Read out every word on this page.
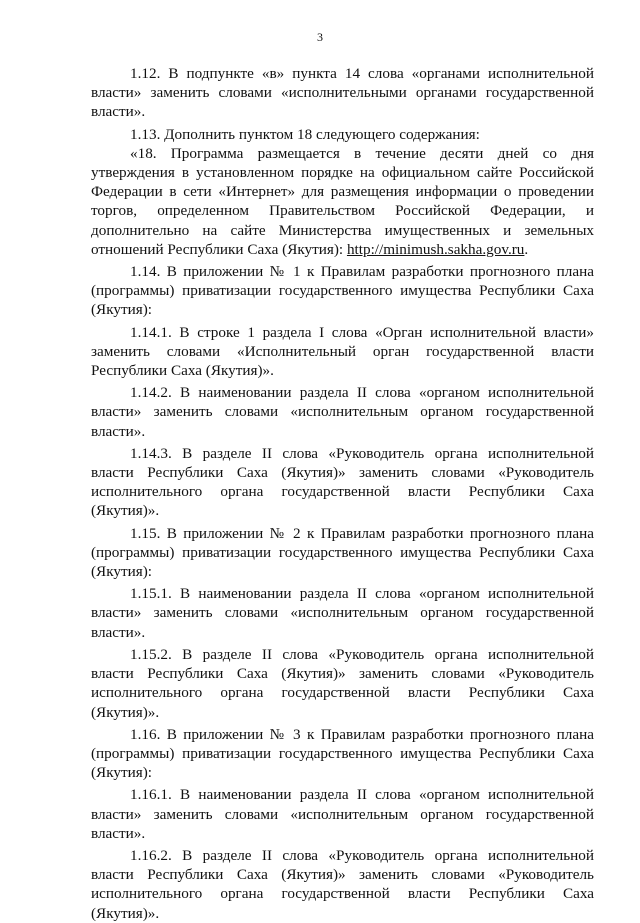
3

1.12. В подпункте «в» пункта 14 слова «органами исполнительной власти» заменить словами «исполнительными органами государственной власти».

1.13. Дополнить пунктом 18 следующего содержания:

«18. Программа размещается в течение десяти дней со дня утверждения в установленном порядке на официальном сайте Российской Федерации в сети «Интернет» для размещения информации о проведении торгов, определенном Правительством Российской Федерации, и дополнительно на сайте Министерства имущественных и земельных отношений Республики Саха (Якутия): http://minimush.sakha.gov.ru.

1.14. В приложении № 1 к Правилам разработки прогнозного плана (программы) приватизации государственного имущества Республики Саха (Якутия):

1.14.1. В строке 1 раздела I слова «Орган исполнительной власти» заменить словами «Исполнительный орган государственной власти Республики Саха (Якутия)».

1.14.2. В наименовании раздела II слова «органом исполнительной власти» заменить словами «исполнительным органом государственной власти».

1.14.3. В разделе II слова «Руководитель органа исполнительной власти Республики Саха (Якутия)» заменить словами «Руководитель исполнительного органа государственной власти Республики Саха (Якутия)».

1.15. В приложении № 2 к Правилам разработки прогнозного плана (программы) приватизации государственного имущества Республики Саха (Якутия):

1.15.1. В наименовании раздела II слова «органом исполнительной власти» заменить словами «исполнительным органом государственной власти».

1.15.2. В разделе II слова «Руководитель органа исполнительной власти Республики Саха (Якутия)» заменить словами «Руководитель исполнительного органа государственной власти Республики Саха (Якутия)».

1.16. В приложении № 3 к Правилам разработки прогнозного плана (программы) приватизации государственного имущества Республики Саха (Якутия):

1.16.1. В наименовании раздела II слова «органом исполнительной власти» заменить словами «исполнительным органом государственной власти».

1.16.2. В разделе II слова «Руководитель органа исполнительной власти Республики Саха (Якутия)» заменить словами «Руководитель исполнительного органа государственной власти Республики Саха (Якутия)».
